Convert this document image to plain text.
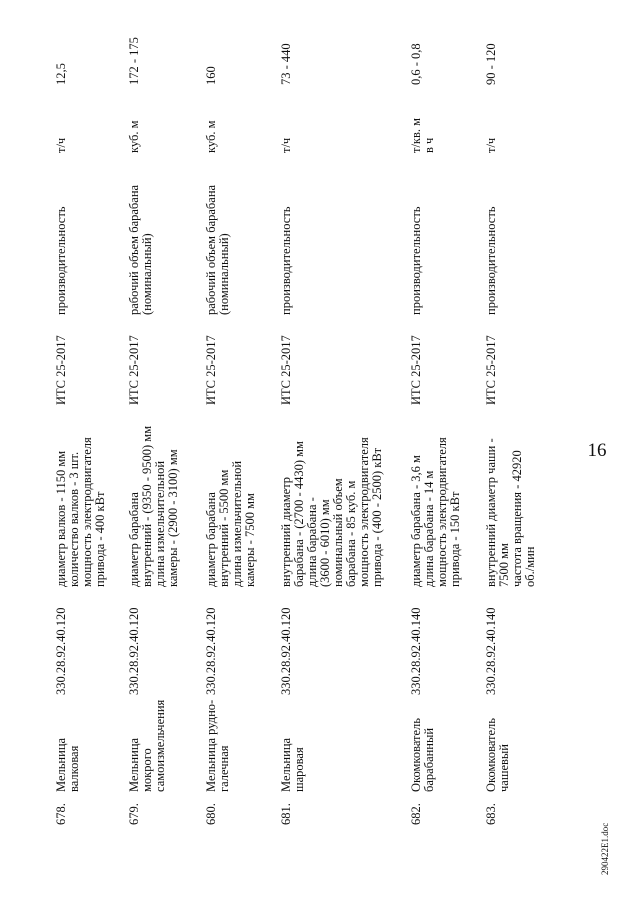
16
678.
Мельница валковая
330.28.92.40.120
диаметр валков - 1150 мм количество валков - 3 шт. мощность электродвигателя привода - 400 кВт
ИТС 25-2017
производительность
т/ч
12,5
679.
Мельница мокрого самоизмельчения
330.28.92.40.120
диаметр барабана внутренний - (9350 - 9500) мм длина измельчительной камеры - (2900 - 3100) мм
ИТС 25-2017
рабочий объем барабана (номинальный)
куб. м
172 - 175
680.
Мельница рудно- галечная
330.28.92.40.120
диаметр барабана внутренний - 5500 мм длина измельчительной камеры - 7500 мм
ИТС 25-2017
рабочий объем барабана (номинальный)
куб. м
160
681.
Мельница шаровая
330.28.92.40.120
внутренний диаметр барабана - (2700 - 4430) мм длина барабана - (3600 - 6010) мм номинальный объем барабана - 85 куб. м мощность электродвигателя привода - (400 - 2500) кВт
ИТС 25-2017
производительность
т/ч
73 - 440
682.
Окомкователь барабанный
330.28.92.40.140
диаметр барабана - 3,6 м длина барабана - 14 м мощность электродвигателя привода - 150 кВт
ИТС 25-2017
производительность
т/кв. м в ч
0,6 - 0,8
683.
Окомкователь чашевый
330.28.92.40.140
внутренний диаметр чаши - 7500 мм частота вращения - 42920 об./мин
ИТС 25-2017
производительность
т/ч
90 - 120
290422E1.doc
